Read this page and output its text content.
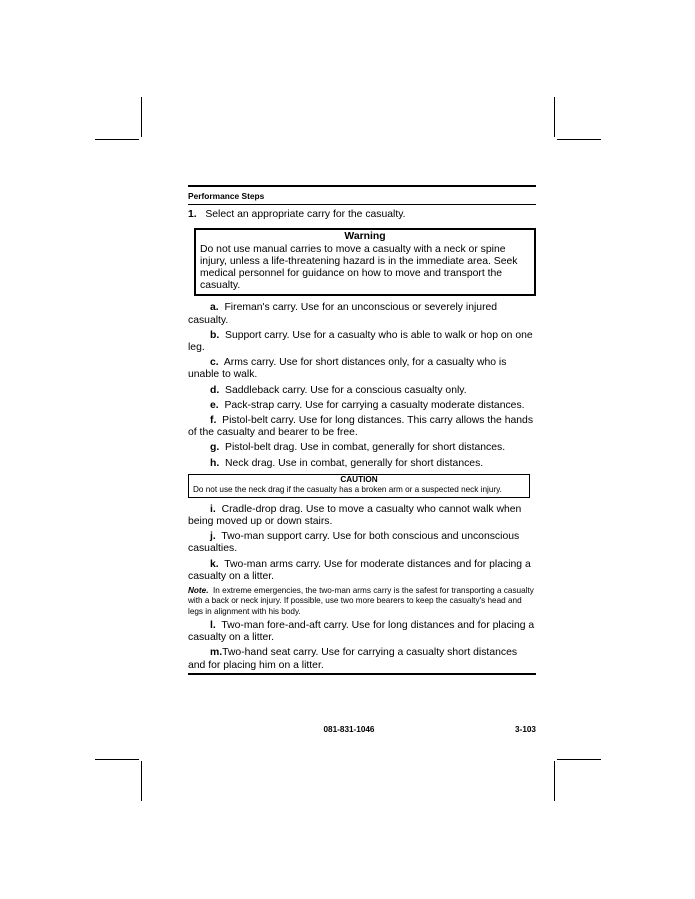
Performance Steps
1. Select an appropriate carry for the casualty.
Warning
Do not use manual carries to move a casualty with a neck or spine injury, unless a life-threatening hazard is in the immediate area. Seek medical personnel for guidance on how to move and transport the casualty.
a. Fireman's carry. Use for an unconscious or severely injured casualty.
b. Support carry. Use for a casualty who is able to walk or hop on one leg.
c. Arms carry. Use for short distances only, for a casualty who is unable to walk.
d. Saddleback carry. Use for a conscious casualty only.
e. Pack-strap carry. Use for carrying a casualty moderate distances.
f. Pistol-belt carry. Use for long distances. This carry allows the hands of the casualty and bearer to be free.
g. Pistol-belt drag. Use in combat, generally for short distances.
h. Neck drag. Use in combat, generally for short distances.
CAUTION
Do not use the neck drag if the casualty has a broken arm or a suspected neck injury.
i. Cradle-drop drag. Use to move a casualty who cannot walk when being moved up or down stairs.
j. Two-man support carry. Use for both conscious and unconscious casualties.
k. Two-man arms carry. Use for moderate distances and for placing a casualty on a litter.
Note. In extreme emergencies, the two-man arms carry is the safest for transporting a casualty with a back or neck injury. If possible, use two more bearers to keep the casualty's head and legs in alignment with his body.
l. Two-man fore-and-aft carry. Use for long distances and for placing a casualty on a litter.
m.Two-hand seat carry. Use for carrying a casualty short distances and for placing him on a litter.
081-831-1046	3-103
